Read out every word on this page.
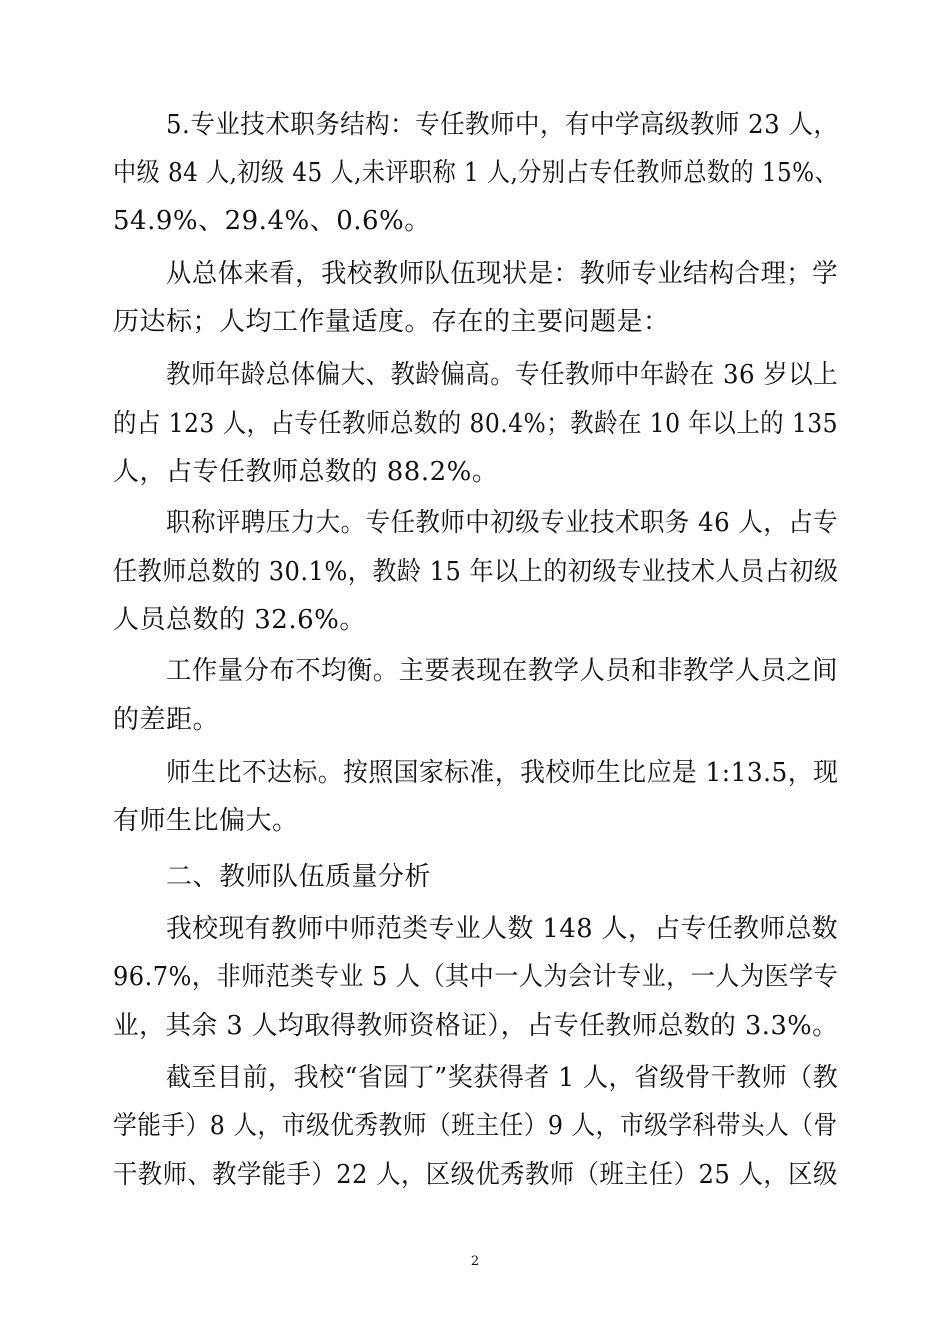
5.专业技术职务结构：专任教师中，有中学高级教师 23 人，
中级 84 人,初级 45 人,未评职称 1 人,分别占专任教师总数的 15%、
54.9%、29.4%、0.6%。
从总体来看，我校教师队伍现状是：教师专业结构合理；学
历达标；人均工作量适度。存在的主要问题是：
教师年龄总体偏大、教龄偏高。专任教师中年龄在 36 岁以上
的占 123 人，占专任教师总数的 80.4%；教龄在 10 年以上的 135
人，占专任教师总数的 88.2%。
职称评聘压力大。专任教师中初级专业技术职务 46 人，占专
任教师总数的 30.1%，教龄 15 年以上的初级专业技术人员占初级
人员总数的 32.6%。
工作量分布不均衡。主要表现在教学人员和非教学人员之间
的差距。
师生比不达标。按照国家标准，我校师生比应是 1:13.5，现
有师生比偏大。
二、教师队伍质量分析
我校现有教师中师范类专业人数 148 人，占专任教师总数
96.7%，非师范类专业 5 人（其中一人为会计专业，一人为医学专
业，其余 3 人均取得教师资格证），占专任教师总数的 3.3%。
截至目前，我校“省园丁”奖获得者 1 人，省级骨干教师（教
学能手）8 人，市级优秀教师（班主任）9 人，市级学科带头人（骨
干教师、教学能手）22 人，区级优秀教师（班主任）25 人，区级
2
